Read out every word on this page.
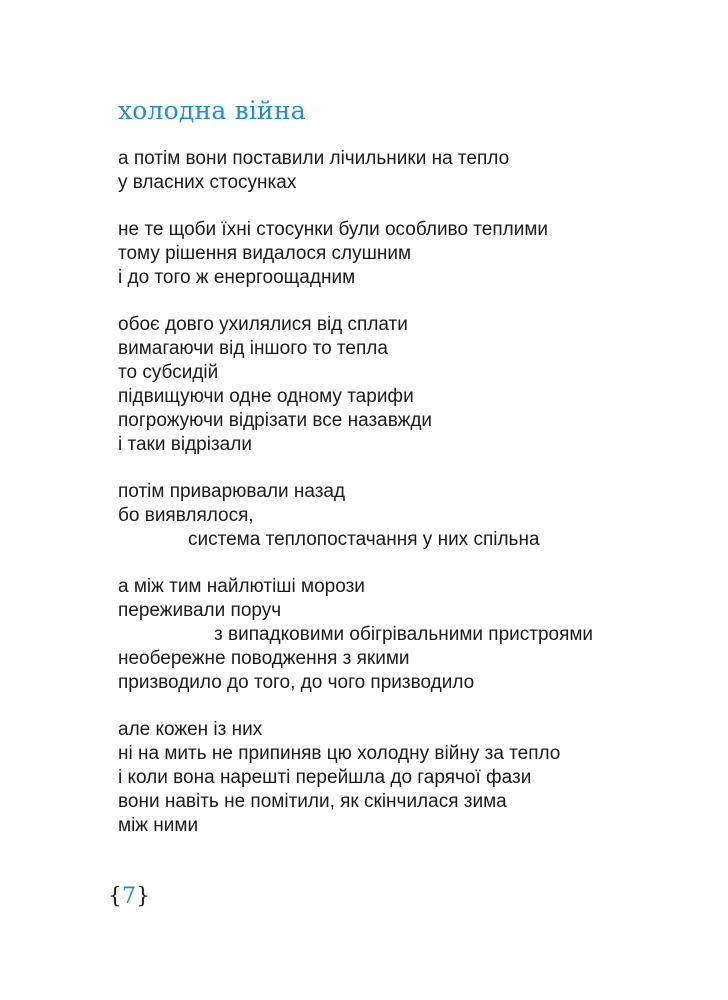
холодна війна
а потім вони поставили лічильники на тепло
у власних стосунках
не те щоби їхні стосунки були особливо теплими
тому рішення видалося слушним
і до того ж енергоощадним
обоє довго ухилялися від сплати
вимагаючи від іншого то тепла
то субсидій
підвищуючи одне одному тарифи
погрожуючи відрізати все назавжди
і таки відрізали
потім приварювали назад
бо виявлялося,
система теплопостачання у них спільна
а між тим найлютіші морози
переживали поруч
з випадковими обігрівальними пристроями
необережне поводження з якими
призводило до того, до чого призводило
але кожен із них
ні на мить не припиняв цю холодну війну за тепло
і коли вона нарешті перейшла до гарячої фази
вони навіть не помітили, як скінчилася зима
між ними
{7}
